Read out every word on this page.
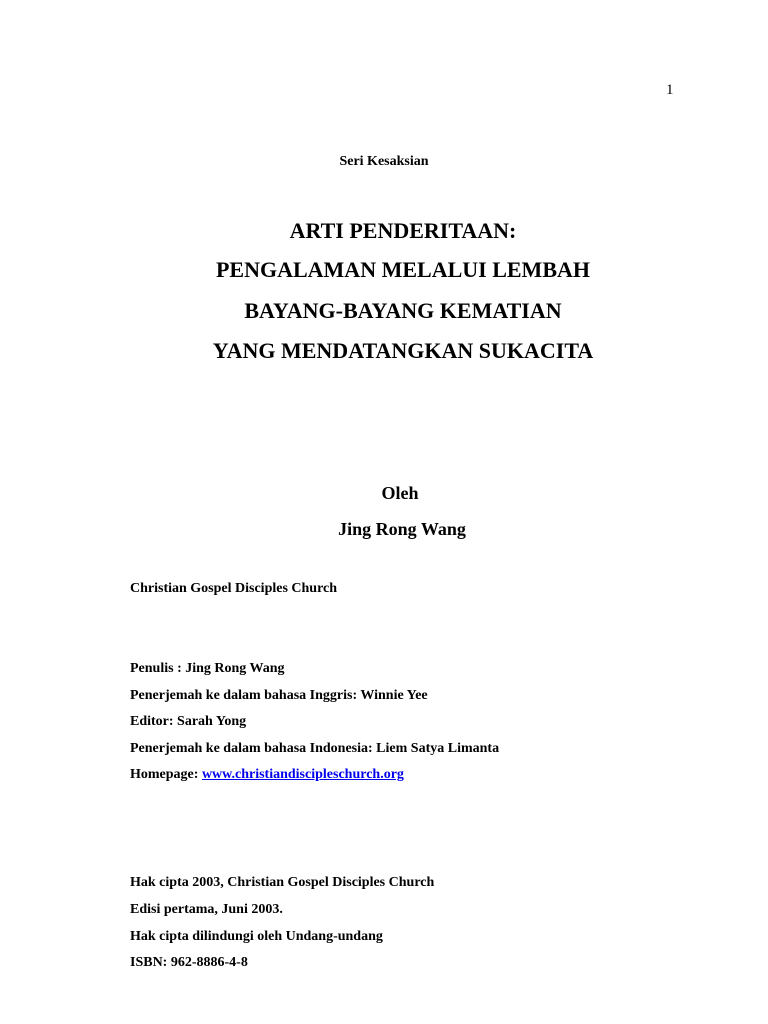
1
Seri Kesaksian
ARTI PENDERITAAN:
PENGALAMAN MELALUI LEMBAH
BAYANG-BAYANG KEMATIAN
YANG MENDATANGKAN SUKACITA
Oleh
Jing Rong Wang
Christian Gospel Disciples Church
Penulis : Jing Rong Wang
Penerjemah ke dalam bahasa Inggris: Winnie Yee
Editor: Sarah Yong
Penerjemah ke dalam bahasa Indonesia: Liem Satya Limanta
Homepage: www.christiandiscipleschurch.org
Hak cipta 2003, Christian Gospel Disciples Church
Edisi pertama, Juni 2003.
Hak cipta dilindungi oleh Undang-undang
ISBN: 962-8886-4-8
